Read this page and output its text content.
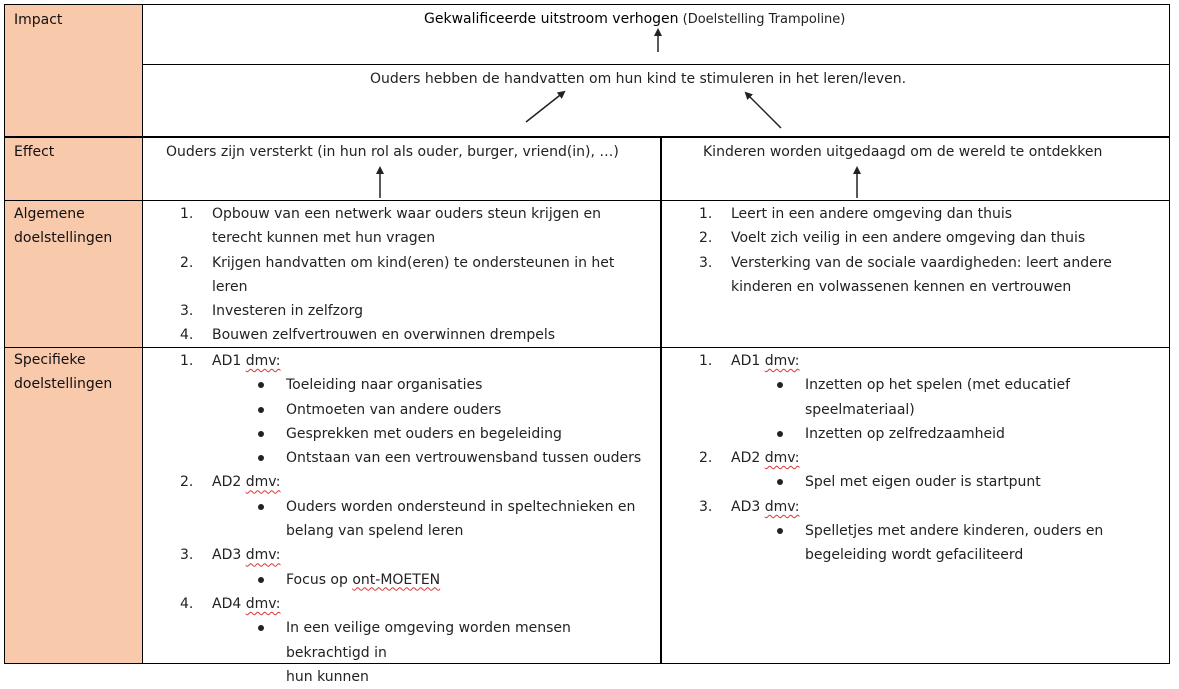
Impact
Effect
Algemene
doelstellingen
Specifieke
doelstellingen
Gekwalificeerde uitstroom verhogen (Doelstelling Trampoline)
Ouders hebben de handvatten om hun kind te stimuleren in het leren/leven.
Ouders zijn versterkt (in hun rol als ouder, burger, vriend(in), …)	Kinderen worden uitgedaagd om de wereld te ontdekken
1. Opbouw van een netwerk waar ouders steun krijgen en
terecht kunnen met hun vragen
2. Krijgen handvatten om kind(eren) te ondersteunen in het
leren
3. Investeren in zelfzorg
4. Bouwen zelfvertrouwen en overwinnen drempels
1. Leert in een andere omgeving dan thuis
2. Voelt zich veilig in een andere omgeving dan thuis
3. Versterking van de sociale vaardigheden: leert andere
kinderen en volwassenen kennen en vertrouwen
1. AD1 dmv:
Toeleiding naar organisaties
Ontmoeten van andere ouders
Gesprekken met ouders en begeleiding
Ontstaan van een vertrouwensband tussen ouders
2. AD2 dmv:
Ouders worden ondersteund in speltechnieken en
belang van spelend leren
3. AD3 dmv:
Focus op ont-MOETEN
4. AD4 dmv:
In een veilige omgeving worden mensen bekrachtigd in
hun kunnen
1. AD1 dmv:
Inzetten op het spelen (met educatief
speelmateriaal)
Inzetten op zelfredzaamheid
2. AD2 dmv:
Spel met eigen ouder is startpunt
3. AD3 dmv:
Spelletjes met andere kinderen, ouders en
begeleiding wordt gefaciliteerd
